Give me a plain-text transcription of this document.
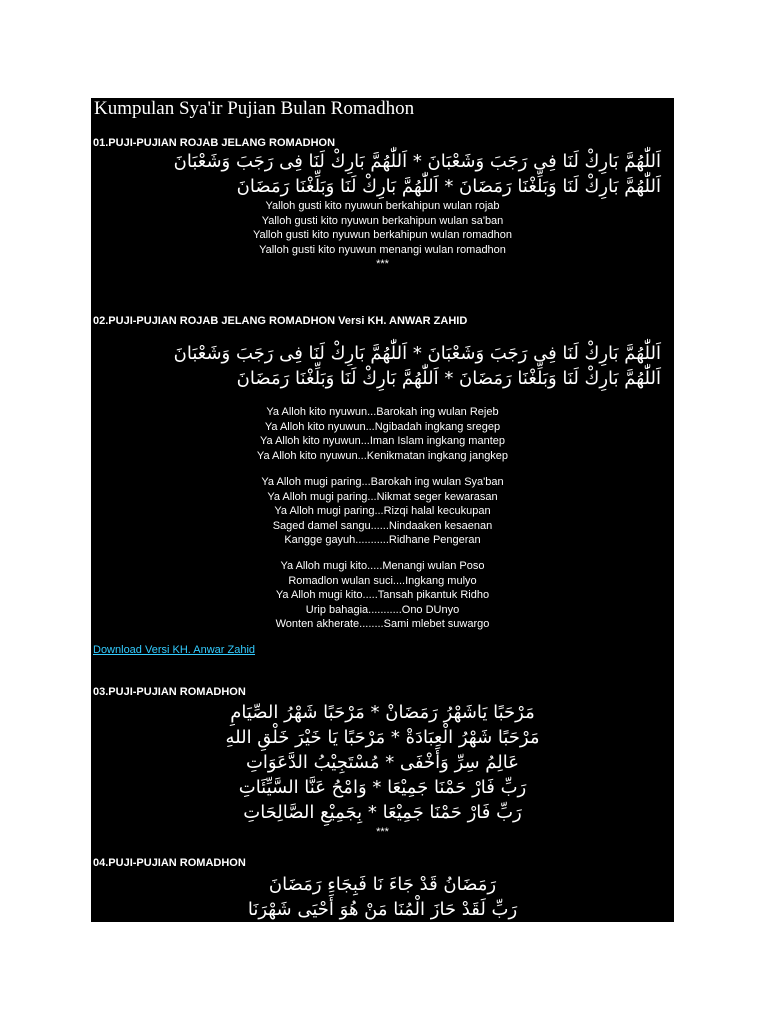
Kumpulan Sya'ir Pujian Bulan Romadhon
01.PUJI-PUJIAN ROJAB JELANG ROMADHON
اَللّٰهُمَّ بَارِكْ لَنَا فِى رَجَبَ وَشَعْبَانَ * اَللّٰهُمَّ بَارِكْ لَنَا فِى رَجَبَ وَشَعْبَانَ
اَللّٰهُمَّ بَارِكْ لَنَا وَبَلِّغْنَا رَمَضَانَ * اَللّٰهُمَّ بَارِكْ لَنَا وَبَلِّغْنَا رَمَضَانَ
Yalloh gusti kito nyuwun berkahipun wulan rojab
Yalloh gusti kito nyuwun berkahipun wulan sa'ban
Yalloh gusti kito nyuwun berkahipun wulan romadhon
Yalloh gusti kito nyuwun menangi wulan romadhon
***
02.PUJI-PUJIAN ROJAB JELANG ROMADHON Versi KH. ANWAR ZAHID
اَللّٰهُمَّ بَارِكْ لَنَا فِى رَجَبَ وَشَعْبَانَ * اَللّٰهُمَّ بَارِكْ لَنَا فِى رَجَبَ وَشَعْبَانَ
اَللّٰهُمَّ بَارِكْ لَنَا وَبَلِّغْنَا رَمَضَانَ * اَللّٰهُمَّ بَارِكْ لَنَا وَبَلِّغْنَا رَمَضَانَ
Ya Alloh kito nyuwun...Barokah ing wulan Rejeb
Ya Alloh kito nyuwun...Ngibadah ingkang sregep
Ya Alloh kito nyuwun...Iman Islam ingkang mantep
Ya Alloh kito nyuwun...Kenikmatan ingkang jangkep
Ya Alloh mugi paring...Barokah ing wulan Sya'ban
Ya Alloh mugi paring...Nikmat seger kewarasan
Ya Alloh mugi paring...Rizqi halal kecukupan
Saged damel sangu......Nindaaken kesaenan
Kangge gayuh...........Ridhane Pengeran
Ya Alloh mugi kito.....Menangi wulan Poso
Romadlon wulan suci....Ingkang mulyo
Ya Alloh mugi kito.....Tansah pikantuk Ridho
Urip bahagia...........Ono DUnyo
Wonten akherate........Sami mlebet suwargo
Download Versi KH. Anwar Zahid
03.PUJI-PUJIAN ROMADHON
مَرْحَبًا يَاشَهْرُ رَمَضَانْ * مَرْحَبًا شَهْرُ الصِّيَامِ
مَرْحَبًا شَهْرُ الْعِبَادَةْ * مَرْحَبًا يَا خَيْرَ خَلْقِ اللهِ
عَالِمُ سِرِّ وَأَخْفَى * مُسْتَجِيْبُ الدَّعَوَاتِ
رَبِّ فَارْ حَمْنَا جَمِيْعَا * وَامْحُ عَنَّا السَّيِّئَاتِ
رَبِّ فَارْ حَمْنَا جَمِيْعَا * بِجَمِيْعِ الصَّالِحَاتِ
***
04.PUJI-PUJIAN ROMADHON
رَمَضَانُ قَدْ جَاءَ نَا فَبِجَاءِ رَمَضَانَ
رَبِّ لَقَدْ حَازَ الْمُنَا مَنْ هُوَ أَحْيَى شَهْرَنَا
